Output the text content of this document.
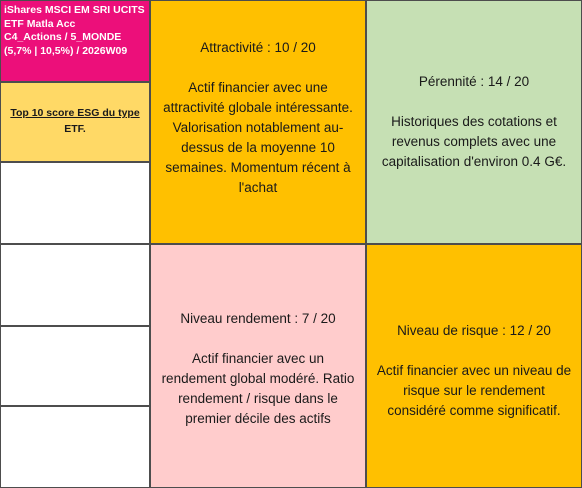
iShares MSCI EM SRI UCITS
ETF Matla Acc
C4_Actions / 5_MONDE
(5,7% | 10,5%) / 2026W09
Top 10 score ESG du type
ETF.
Attractivité : 10 / 20
Actif financier avec une attractivité globale intéressante. Valorisation notablement au-dessus de la moyenne 10 semaines. Momentum récent à l'achat
Pérennité : 14 / 20
Historiques des cotations et revenus complets avec une capitalisation d'environ 0.4 G€.
Niveau rendement : 7 / 20
Actif financier avec un rendement global modéré. Ratio rendement / risque dans le premier décile des actifs
Niveau de risque : 12 / 20
Actif financier avec un niveau de risque sur le rendement considéré comme significatif.
